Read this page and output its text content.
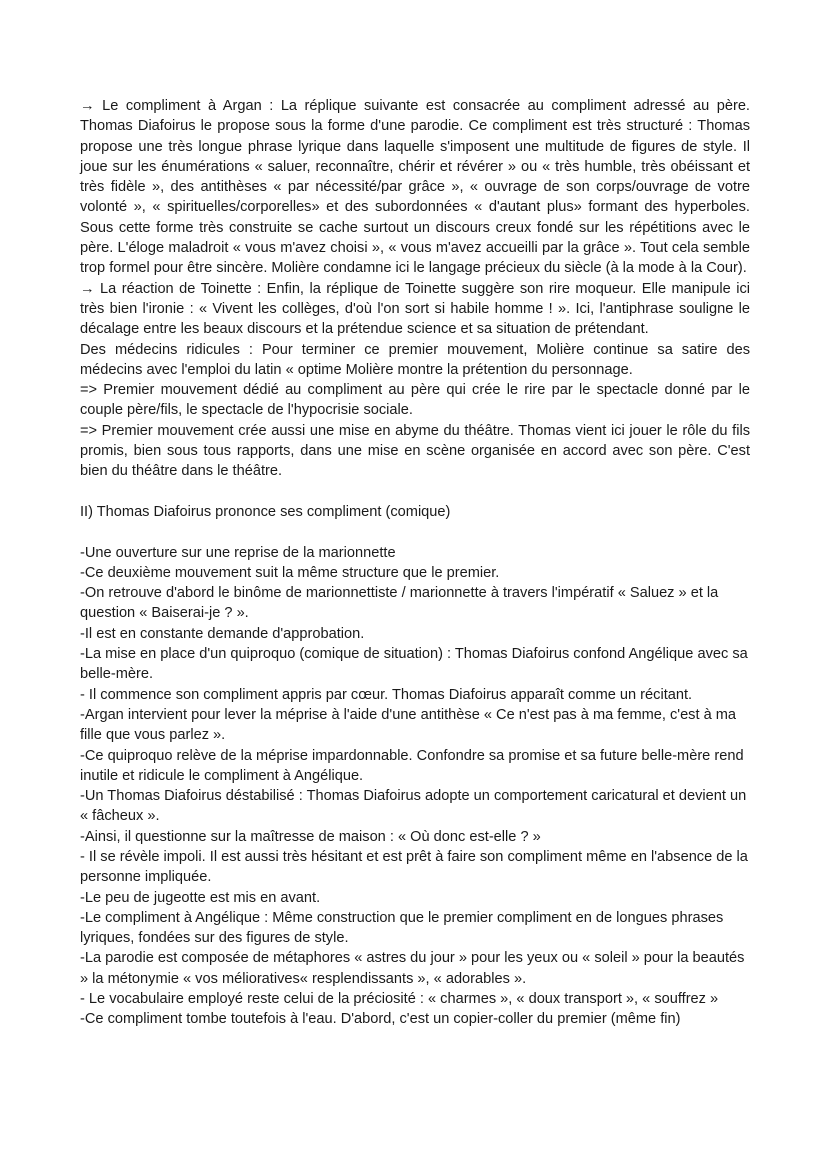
→ Le compliment à Argan : La réplique suivante est consacrée au compliment adressé au père. Thomas Diafoirus le propose sous la forme d'une parodie. Ce compliment est très structuré : Thomas propose une très longue phrase lyrique dans laquelle s'imposent une multitude de figures de style. Il joue sur les énumérations « saluer, reconnaître, chérir et révérer » ou « très humble, très obéissant et très fidèle », des antithèses « par nécessité/par grâce », « ouvrage de son corps/ouvrage de votre volonté », « spirituelles/corporelles» et des subordonnées « d'autant plus» formant des hyperboles. Sous cette forme très construite se cache surtout un discours creux fondé sur les répétitions avec le père. L'éloge maladroit « vous m'avez choisi », « vous m'avez accueilli par la grâce ». Tout cela semble trop formel pour être sincère. Molière condamne ici le langage précieux du siècle (à la mode à la Cour).

→ La réaction de Toinette : Enfin, la réplique de Toinette suggère son rire moqueur. Elle manipule ici très bien l'ironie : « Vivent les collèges, d'où l'on sort si habile homme ! ». Ici, l'antiphrase souligne le décalage entre les beaux discours et la prétendue science et sa situation de prétendant.

Des médecins ridicules : Pour terminer ce premier mouvement, Molière continue sa satire des médecins avec l'emploi du latin « optime Molière montre la prétention du personnage.

=> Premier mouvement dédié au compliment au père qui crée le rire par le spectacle donné par le couple père/fils, le spectacle de l'hypocrisie sociale.

=> Premier mouvement crée aussi une mise en abyme du théâtre. Thomas vient ici jouer le rôle du fils promis, bien sous tous rapports, dans une mise en scène organisée en accord avec son père. C'est bien du théâtre dans le théâtre.

II) Thomas Diafoirus prononce ses compliment (comique)

-Une ouverture sur une reprise de la marionnette

-Ce deuxième mouvement suit la même structure que le premier.

-On retrouve d'abord le binôme de marionnettiste / marionnette à travers l'impératif « Saluez » et la question « Baiserai-je ? ».

-Il est en constante demande d'approbation.

-La mise en place d'un quiproquo (comique de situation) : Thomas Diafoirus confond Angélique avec sa belle-mère.

- Il commence son compliment appris par cœur. Thomas Diafoirus apparaît comme un récitant.

-Argan intervient pour lever la méprise à l'aide d'une antithèse « Ce n'est pas à ma femme, c'est à ma fille que vous parlez ».

-Ce quiproquo relève de la méprise impardonnable. Confondre sa promise et sa future belle-mère rend inutile et ridicule le compliment à Angélique.

-Un Thomas Diafoirus déstabilisé : Thomas Diafoirus adopte un comportement caricatural et devient un « fâcheux ».

-Ainsi, il questionne sur la maîtresse de maison : « Où donc est-elle ? »

- Il se révèle impoli. Il est aussi très hésitant et est prêt à faire son compliment même en l'absence de la personne impliquée.

-Le peu de jugeotte est mis en avant.

-Le compliment à Angélique : Même construction que le premier compliment en de longues phrases lyriques, fondées sur des figures de style.

-La parodie est composée de métaphores « astres du jour » pour les yeux ou « soleil » pour la beautés » la métonymie « vos mélioratives« resplendissants », « adorables ».

- Le vocabulaire employé reste celui de la préciosité : « charmes », « doux transport », « souffrez »

-Ce compliment tombe toutefois à l'eau. D'abord, c'est un copier-coller du premier (même fin)
